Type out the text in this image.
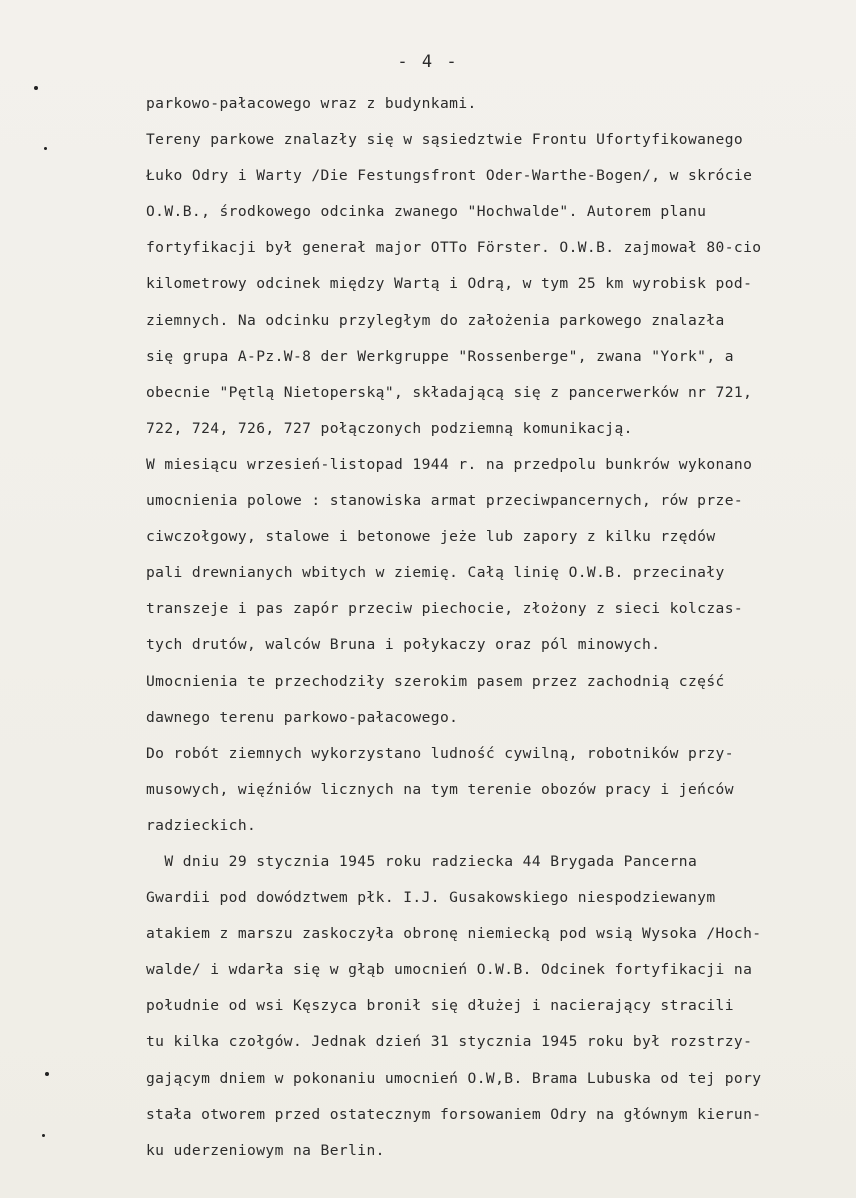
- 4 -
parkowo-pałacowego wraz z budynkami.
Tereny parkowe znalazły się w sąsiedztwie Frontu Ufortyfikowanego
Łuko Odry i Warty /Die Festungsfront Oder-Warthe-Bogen/, w skrócie
O.W.B., środkowego odcinka zwanego "Hochwalde". Autorem planu
fortyfikacji był generał major OTTo Förster. O.W.B. zajmował 80-cio
kilometrowy odcinek między Wartą i Odrą, w tym 25 km wyrobisk pod-
ziemnych. Na odcinku przyległym do założenia parkowego znalazła
się grupa A-Pz.W-8 der Werkgruppe "Rossenberge", zwana "York", a
obecnie "Pętlą Nietoperską", składającą się z pancerwerków nr 721,
722, 724, 726, 727 połączonych podziemną komunikacją.
W miesiącu wrzesień-listopad 1944 r. na przedpolu bunkrów wykonano
umocnienia polowe : stanowiska armat przeciwpancernych, rów prze-
ciwczołgowy, stalowe i betonowe jeże lub zapory z kilku rzędów
pali drewnianych wbitych w ziemię. Całą linię O.W.B. przecinały
transzeje i pas zapór przeciw piechocie, złożony z sieci kolczas-
tych drutów, walców Bruna i połykaczy oraz pól minowych.
Umocnienia te przechodziły szerokim pasem przez zachodnią część
dawnego terenu parkowo-pałacowego.
Do robót ziemnych wykorzystano ludność cywilną, robotników przy-
musowych, więźniów licznych na tym terenie obozów pracy i jeńców
radzieckich.
W dniu 29 stycznia 1945 roku radziecka 44 Brygada Pancerna
Gwardii pod dowództwem płk. I.J. Gusakowskiego niespodziewanym
atakiem z marszu zaskoczyła obronę niemiecką pod wsią Wysoka /Hoch-
walde/ i wdarła się w głąb umocnień O.W.B. Odcinek fortyfikacji na
południe od wsi Kęszyca bronił się dłużej i nacierający stracili
tu kilka czołgów. Jednak dzień 31 stycznia 1945 roku był rozstrzy-
gającym dniem w pokonaniu umocnień O.W,B. Brama Lubuska od tej pory
stała otworem przed ostatecznym forsowaniem Odry na głównym kierun-
ku uderzeniowym na Berlin.
